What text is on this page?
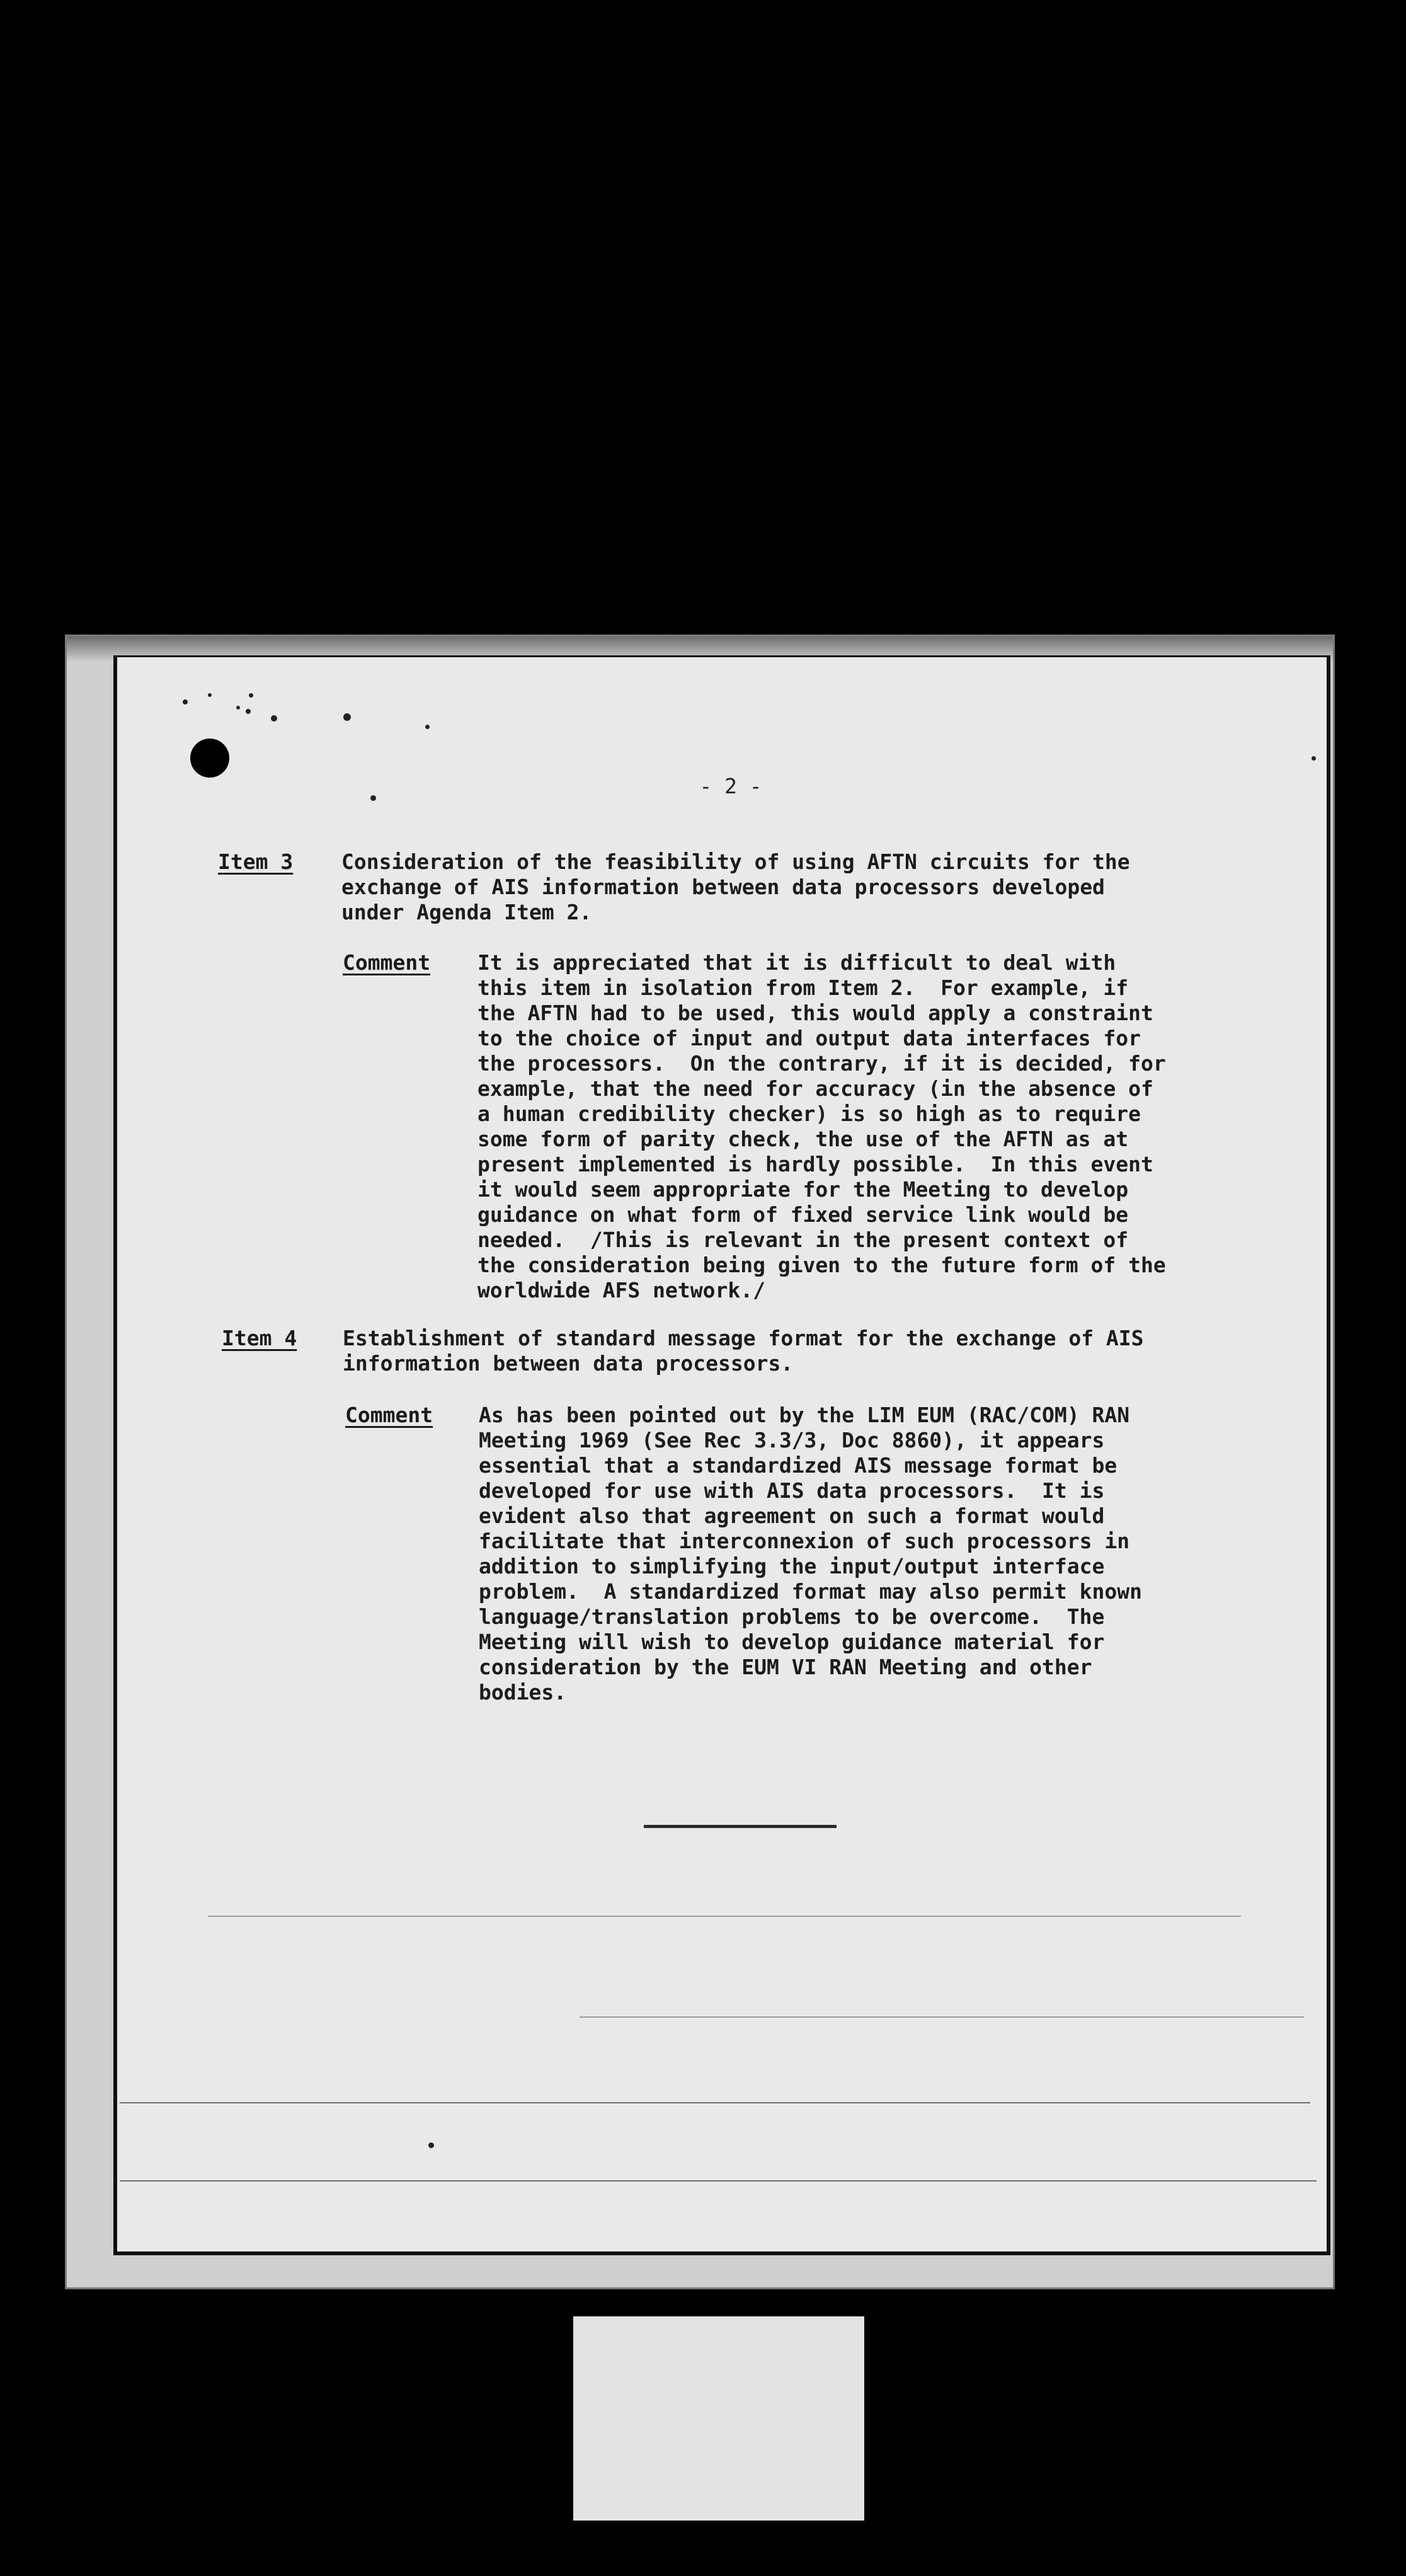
- 2 -
Item 3 Consideration of the feasibility of using AFTN circuits for the
exchange of AIS information between data processors developed
under Agenda Item 2.
Comment It is appreciated that it is difficult to deal with
this item in isolation from Item 2.  For example, if
the AFTN had to be used, this would apply a constraint
to the choice of input and output data interfaces for
the processors.  On the contrary, if it is decided, for
example, that the need for accuracy (in the absence of
a human credibility checker) is so high as to require
some form of parity check, the use of the AFTN as at
present implemented is hardly possible.  In this event
it would seem appropriate for the Meeting to develop
guidance on what form of fixed service link would be
needed.  /This is relevant in the present context of
the consideration being given to the future form of the
worldwide AFS network./
Item 4 Establishment of standard message format for the exchange of AIS
information between data processors.
Comment As has been pointed out by the LIM EUM (RAC/COM) RAN
Meeting 1969 (See Rec 3.3/3, Doc 8860), it appears
essential that a standardized AIS message format be
developed for use with AIS data processors.  It is
evident also that agreement on such a format would
facilitate that interconnexion of such processors in
addition to simplifying the input/output interface
problem.  A standardized format may also permit known
language/translation problems to be overcome.  The
Meeting will wish to develop guidance material for
consideration by the EUM VI RAN Meeting and other
bodies.
